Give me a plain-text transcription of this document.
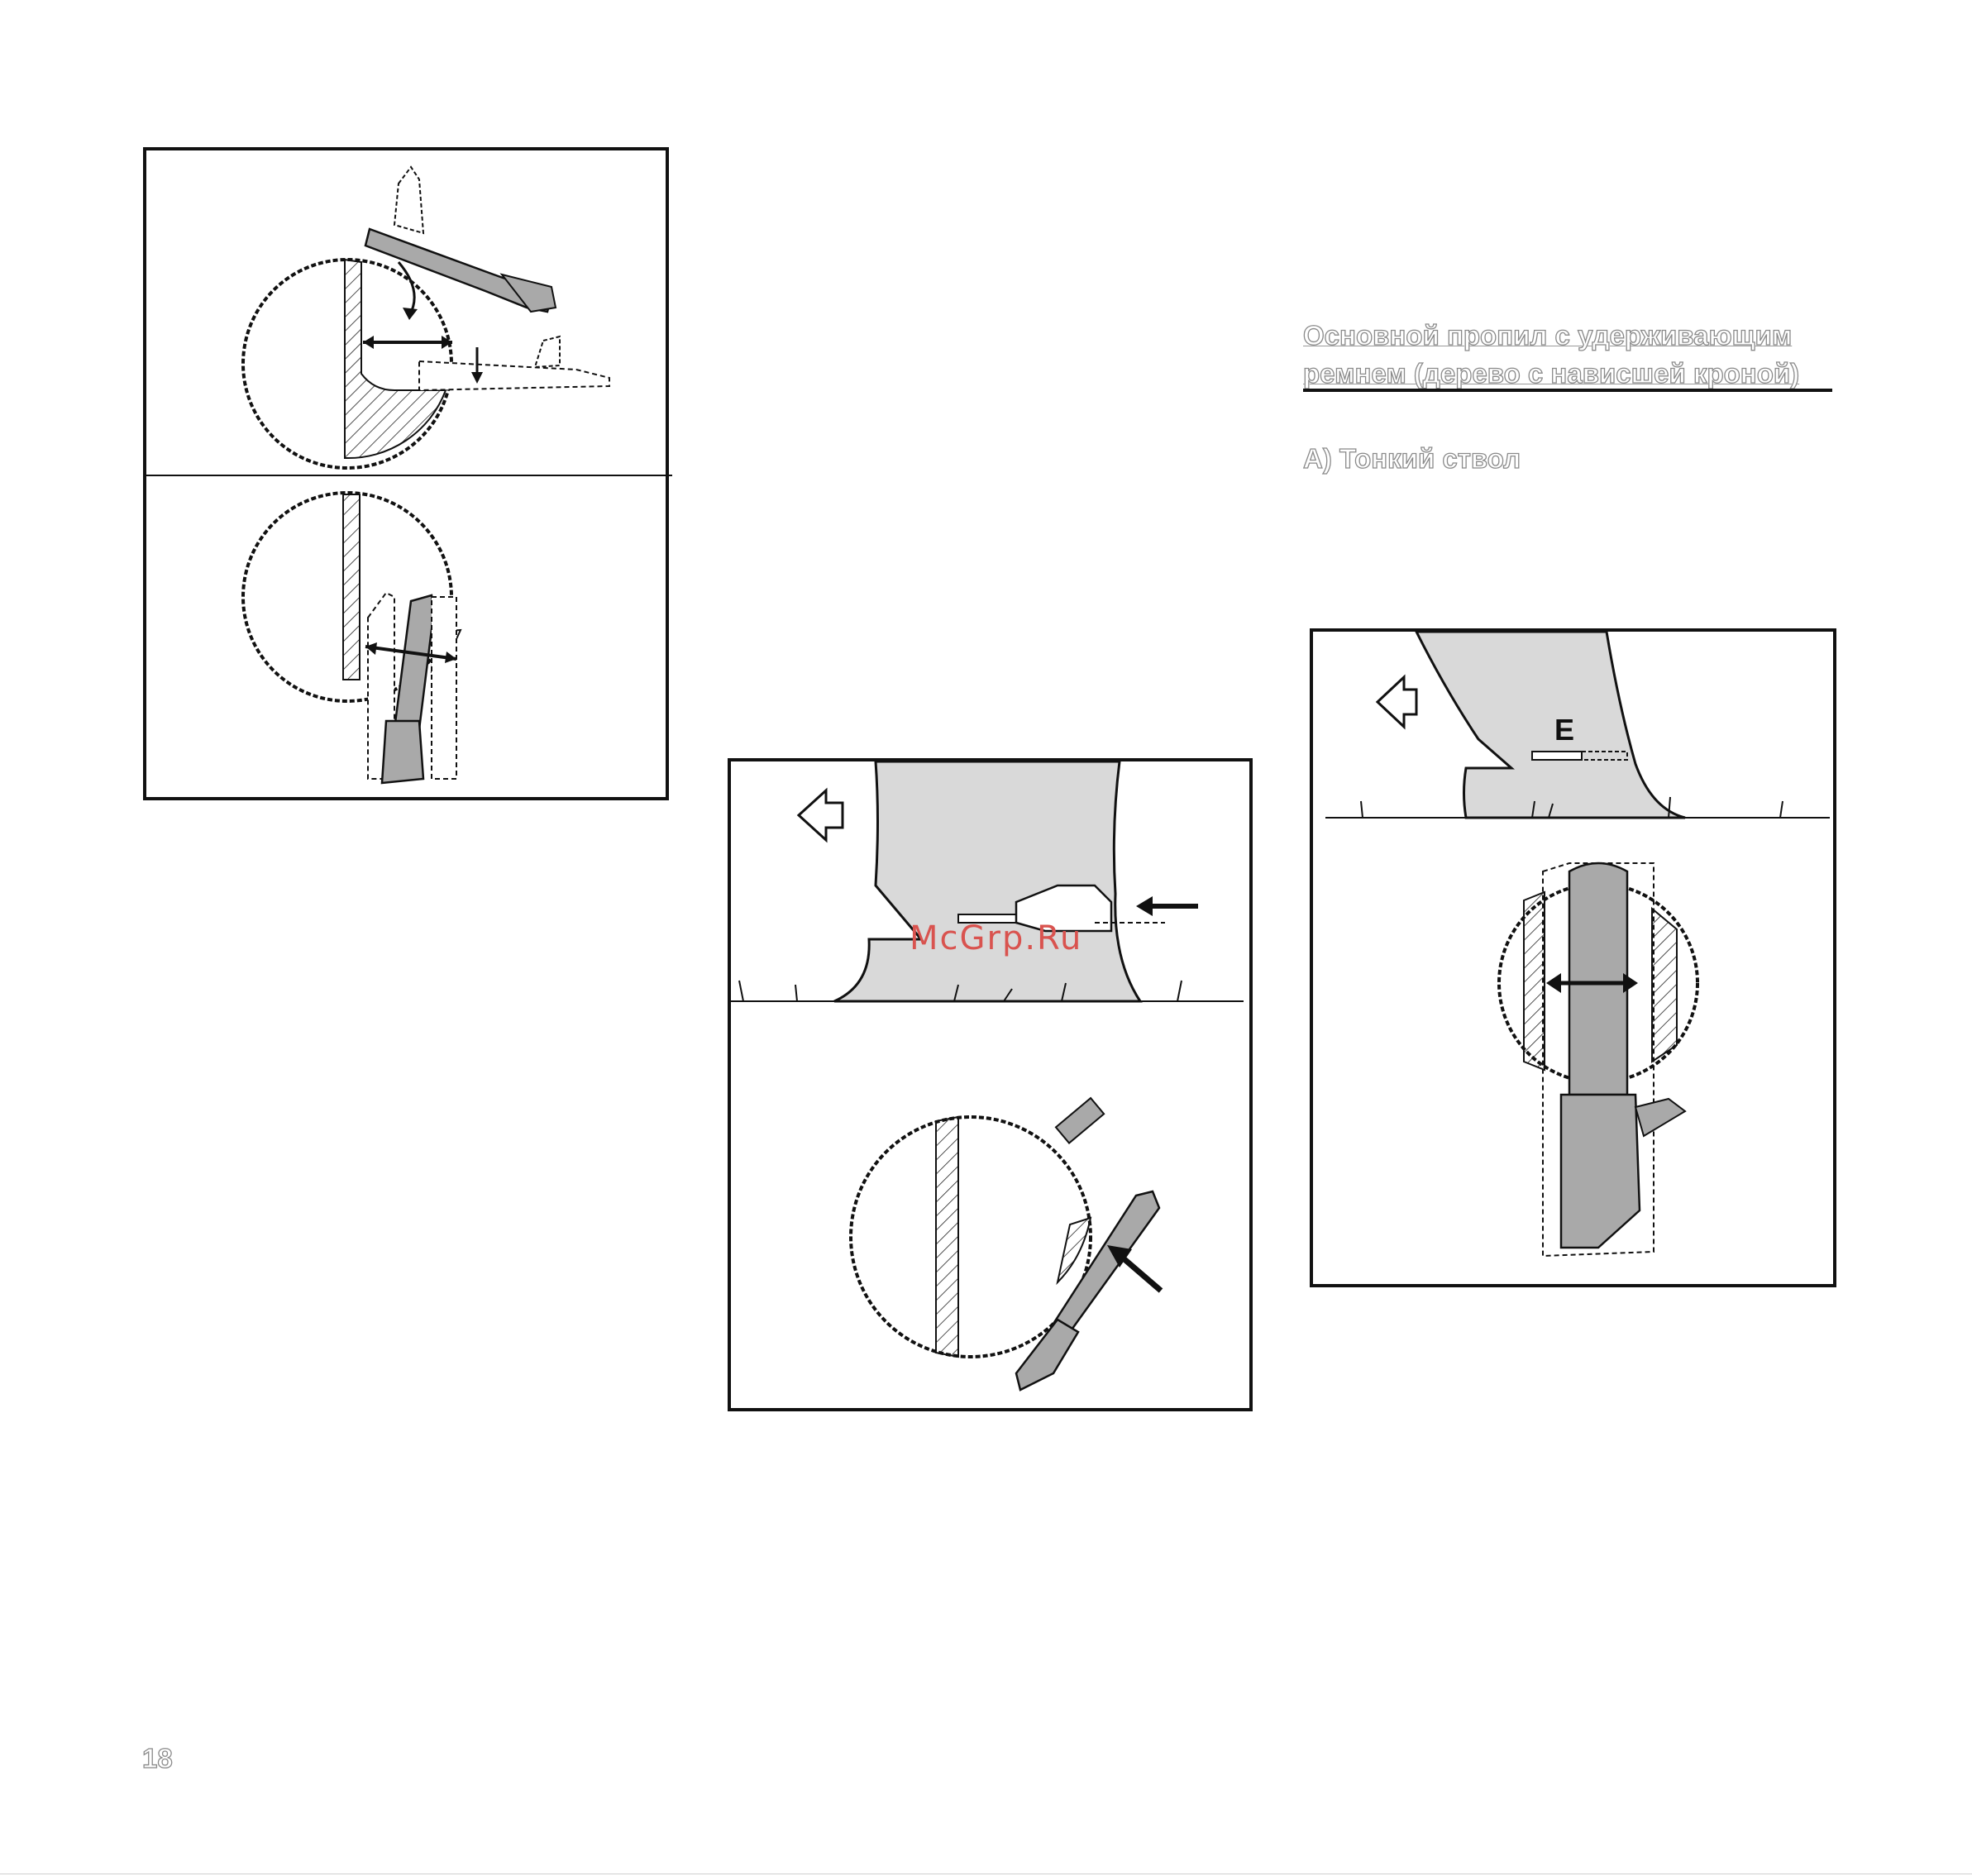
E
Основной пропил с удерживающим
ремнем (дерево с нависшей кроной)
A) Тонкий ствол
McGrp.Ru
18
